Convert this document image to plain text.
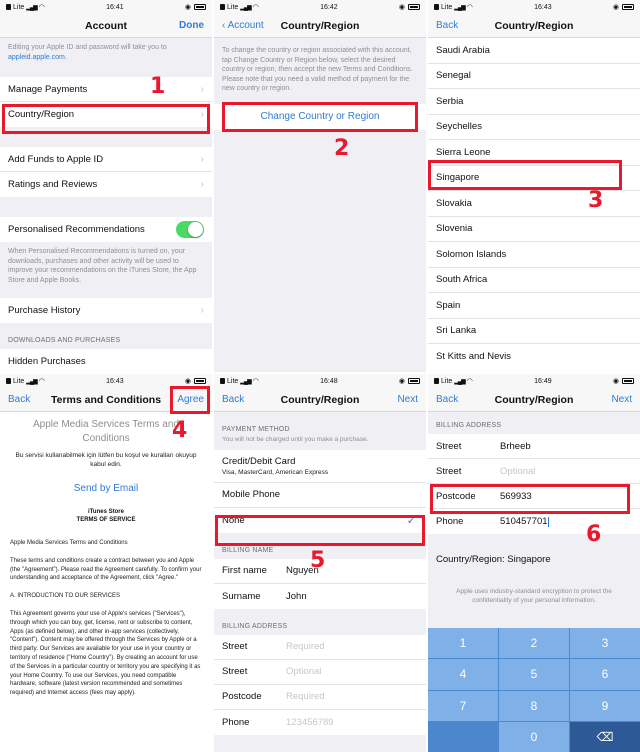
Lite ▂▄▆ ◠	16:41	◉
Account	Done
Editing your Apple ID and password will take you to appleid.apple.com.
Manage Payments	›
Country/Region	›
Add Funds to Apple ID	›
Ratings and Reviews	›
Personalised Recommendations
When Personalised Recommendations is turned on, your downloads, purchases and other activity will be used to improve your recommendations on the iTunes Store, the App Store and Apple Books.
Purchase History	›
DOWNLOADS AND PURCHASES
Hidden Purchases
1
Lite ▂▄▆ ◠	16:42	◉
‹ Account Country/Region
To change the country or region associated with this account, tap Change Country or Region below, select the desired country or region, then accept the new Terms and Conditions. Please note that you need a valid method of payment for the new country or region.
Change Country or Region
2
Lite ▂▄▆ ◠	16:43	◉
Back	Country/Region
Saudi Arabia
Senegal
Serbia
Seychelles
Sierra Leone
Singapore
Slovakia
Slovenia
Solomon Islands
South Africa
Spain
Sri Lanka
St Kitts and Nevis
3
Lite ▂▄▆ ◠	16:43	◉
Back Terms and Conditions Agree
Apple Media Services Terms and Conditions
Bu servisi kullanabilmek için lütfen bu koşul ve kuralları okuyup kabul edin.
Send by Email
iTunes Store
TERMS OF SERVICE

Apple Media Services Terms and Conditions

These terms and conditions create a contract between you and Apple (the "Agreement"). Please read the Agreement carefully. To confirm your understanding and acceptance of the Agreement, click "Agree."

A. INTRODUCTION TO OUR SERVICES

This Agreement governs your use of Apple's services ("Services"), through which you can buy, get, license, rent or subscribe to content, Apps (as defined below), and other in-app services (collectively, "Content"). Content may be offered through the Services by Apple or a third party. Our Services are available for your use in your country or territory of residence ("Home Country"). By creating an account for use of the Services in a particular country or territory you are specifying it as your Home Country. To use our Services, you need compatible hardware, software (latest version recommended and sometimes required) and Internet access (fees may apply).

4
Lite ▂▄▆ ◠	16:48	◉
Back	Country/Region	Next
PAYMENT METHOD
You will not be charged until you make a purchase.
Credit/Debit Card
Visa, MasterCard, American Express
Mobile Phone
None	✓
BILLING NAME
First name	Nguyen
Surname	John
BILLING ADDRESS
Street	Required
Street	Optional
Postcode	Required
Phone	123456789
5
Lite ▂▄▆ ◠	16:49	◉
Back	Country/Region	Next
BILLING ADDRESS
Street	Brheeb
Street	Optional
Postcode	569933
Phone	510457701
Country/Region: Singapore
Apple uses industry-standard encryption to protect the confidentiality of your personal information.
1	2	3
4	5	6
7	8	9
0	⌫
6
